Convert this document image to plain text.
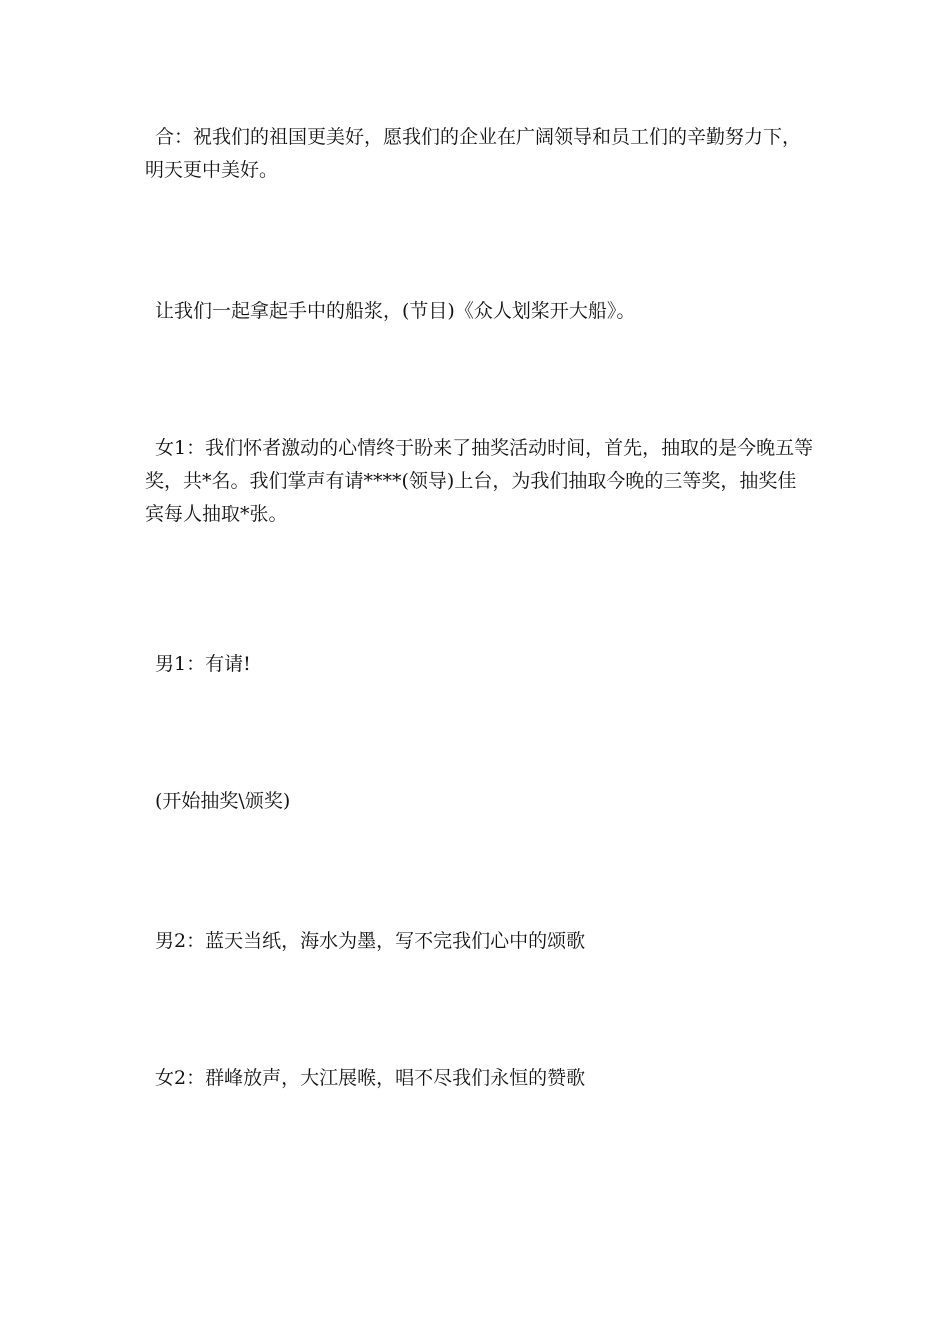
合：祝我们的祖国更美好，愿我们的企业在广阔领导和员工们的辛勤努力下，明天更中美好。

让我们一起拿起手中的船浆，(节目)《众人划桨开大船》。

女1：我们怀者激动的心情终于盼来了抽奖活动时间，首先，抽取的是今晚五等奖，共*名。我们掌声有请****(领导)上台，为我们抽取今晚的三等奖，抽奖佳宾每人抽取*张。

男1：有请!

(开始抽奖\颁奖)

男2：蓝天当纸，海水为墨，写不完我们心中的颂歌

女2：群峰放声，大江展喉，唱不尽我们永恒的赞歌
